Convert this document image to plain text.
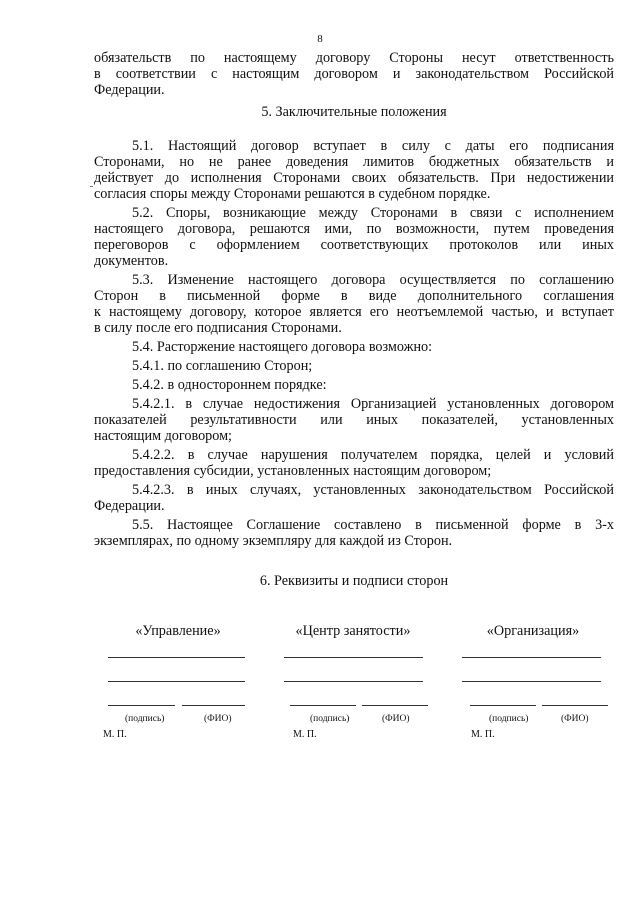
8
обязательств по настоящему договору Стороны несут ответственность
в соответствии с настоящим договором и законодательством Российской
Федерации.
5. Заключительные положения
5.1. Настоящий договор вступает в силу с даты его подписания
Сторонами, но не ранее доведения лимитов бюджетных обязательств и
действует до исполнения Сторонами своих обязательств. При недостижении
согласия споры между Сторонами решаются в судебном порядке.
5.2. Споры, возникающие между Сторонами в связи с исполнением
настоящего договора, решаются ими, по возможности, путем проведения
переговоров с оформлением соответствующих протоколов или иных
документов.
5.3. Изменение настоящего договора осуществляется по соглашению
Сторон в письменной форме в виде дополнительного соглашения
к настоящему договору, которое является его неотъемлемой частью, и вступает
в силу после его подписания Сторонами.
5.4. Расторжение настоящего договора возможно:
5.4.1. по соглашению Сторон;
5.4.2. в одностороннем порядке:
5.4.2.1. в случае недостижения Организацией установленных договором
показателей результативности или иных показателей, установленных
настоящим договором;
5.4.2.2. в случае нарушения получателем порядка, целей и условий
предоставления субсидии, установленных настоящим договором;
5.4.2.3. в иных случаях, установленных законодательством Российской
Федерации.
5.5. Настоящее Соглашение составлено в письменной форме в 3-х
экземплярах, по одному экземпляру для каждой из Сторон.
6. Реквизиты и подписи сторон
«Управление»
(подпись)	(ФИО)
М. П.
«Центр занятости»
(подпись)	(ФИО)
М. П.
«Организация»
(подпись)	(ФИО)
М. П.
